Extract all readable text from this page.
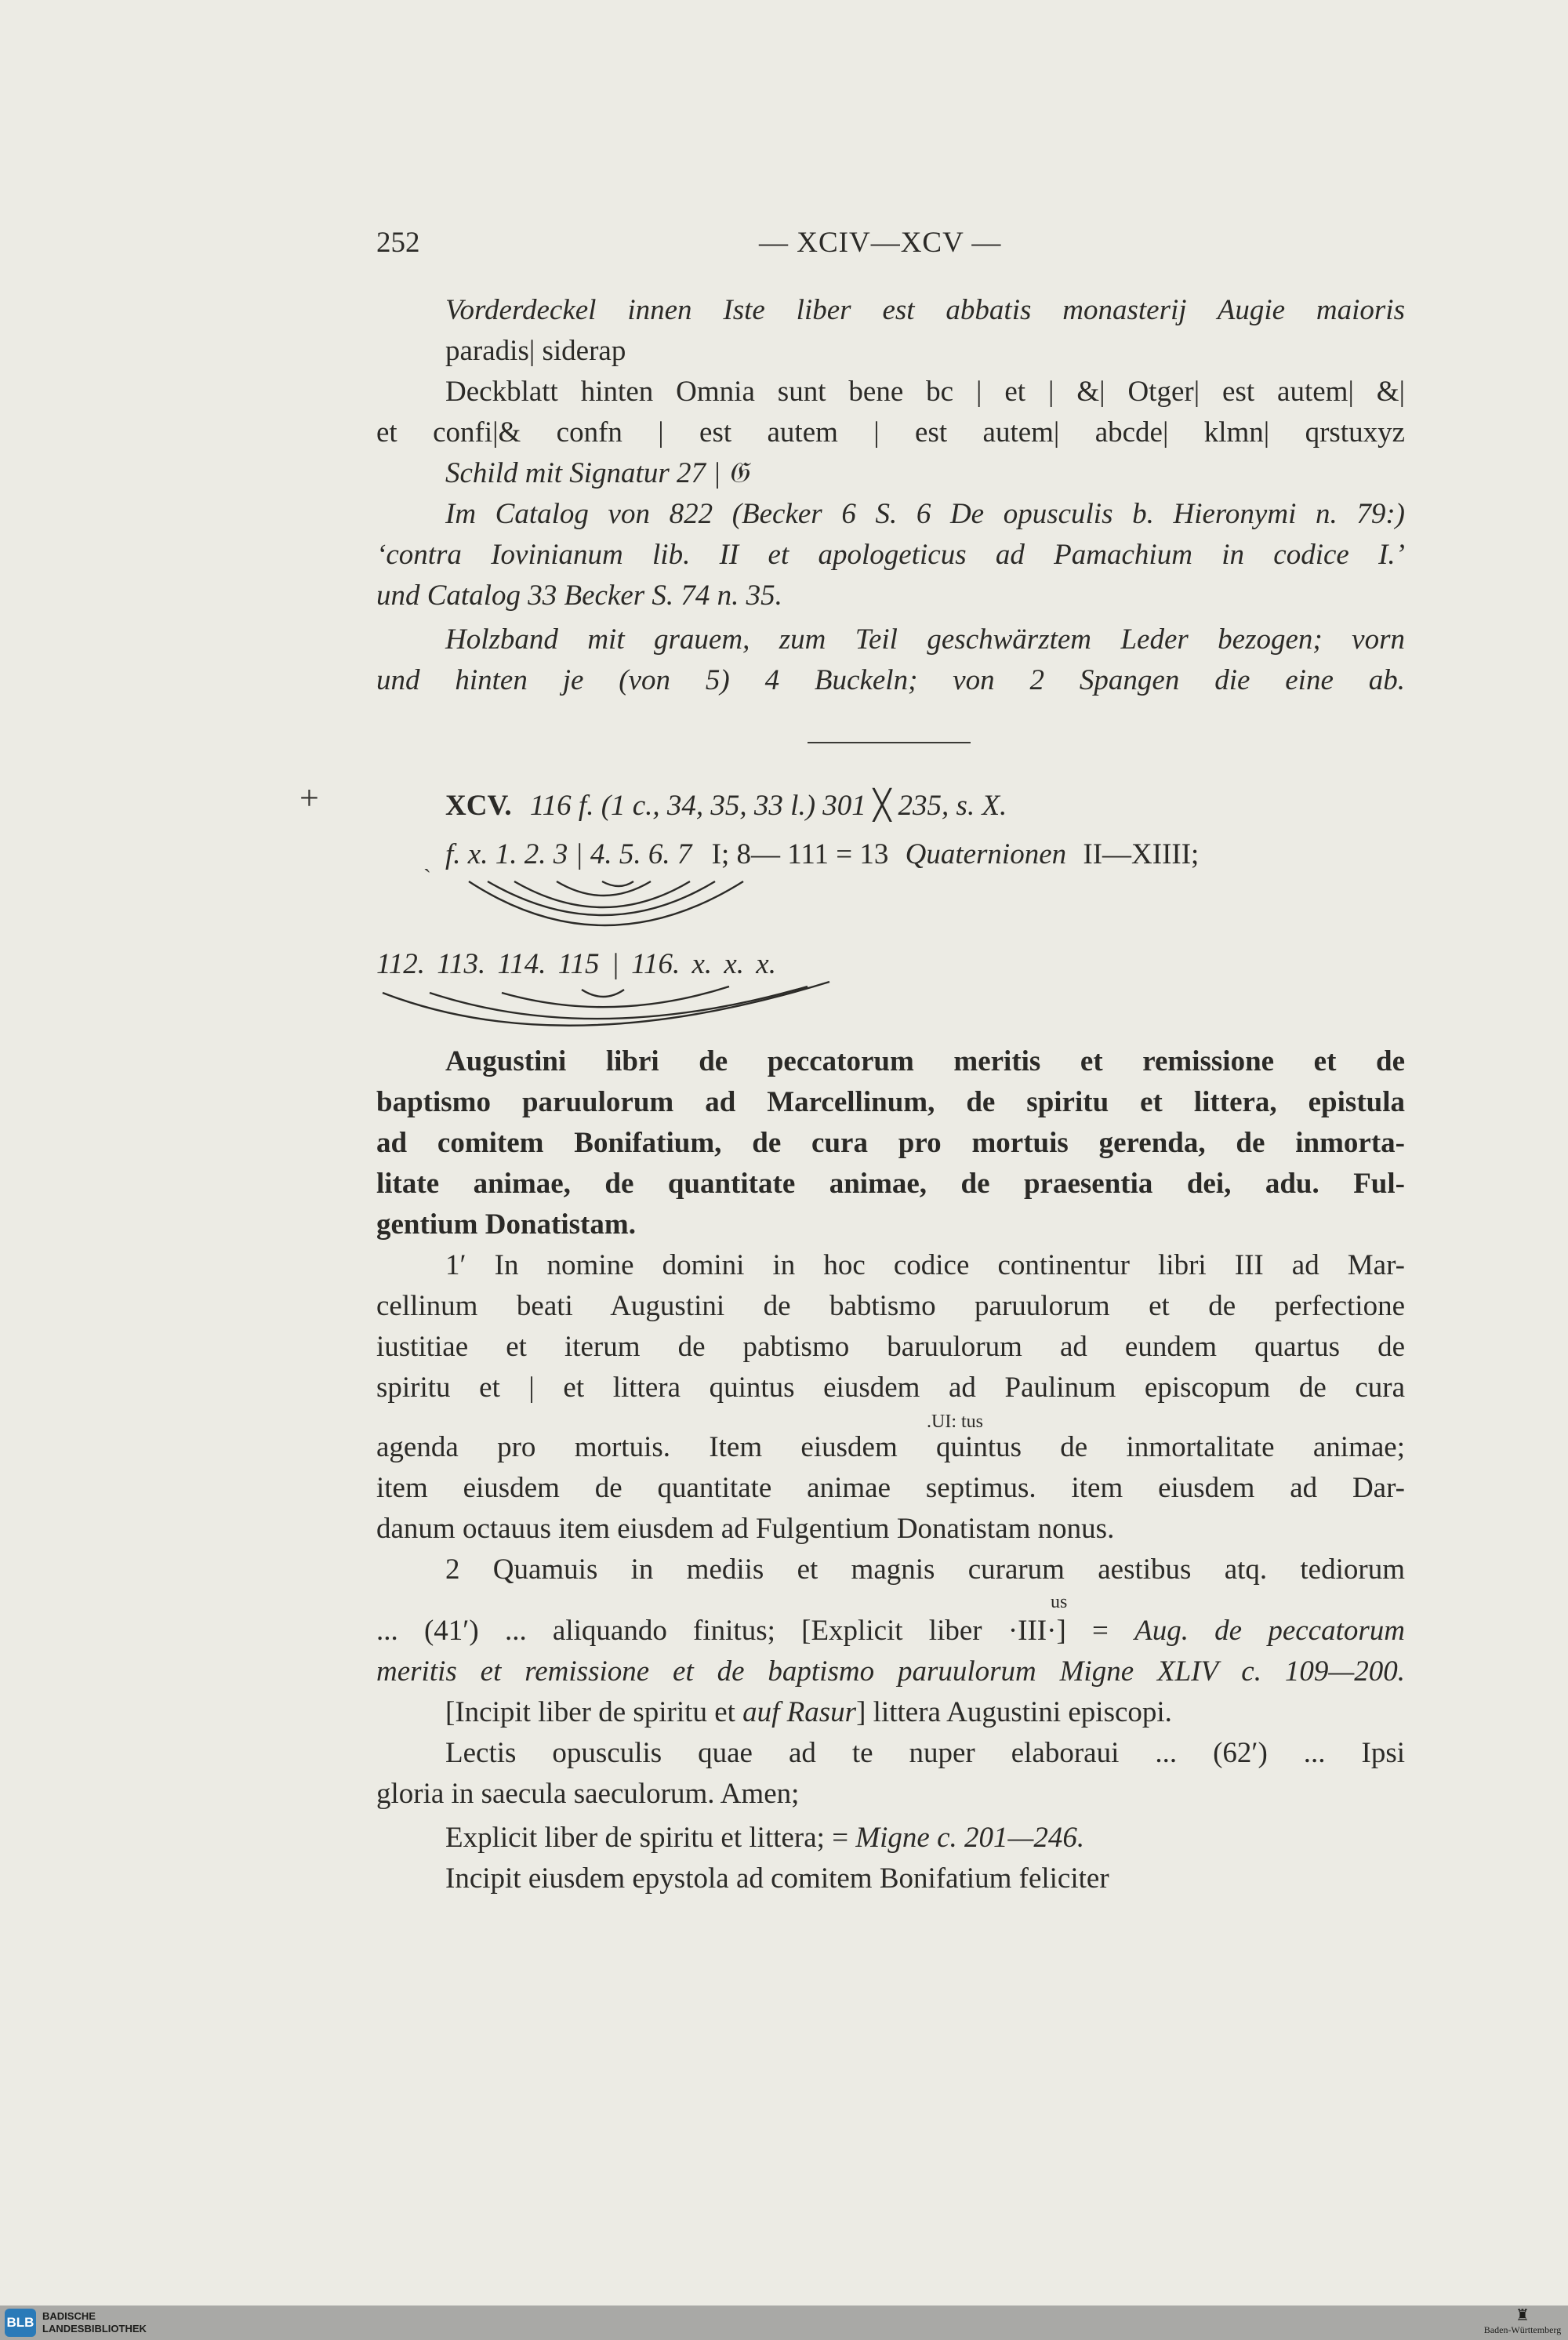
252	— XCIV—XCV —
Vorderdeckel innen Iste liber est abbatis monasterij Augie maioris
paradis| siderap
Deckblatt hinten Omnia sunt bene bc | et | &| Otger| est autem| &|
et confi|& confn | est autem | est autem| abcde| klmn| qrstuxyz
Schild mit Signatur 27 | 𝔊
Im Catalog von 822 (Becker 6 S. 6 De opusculis b. Hieronymi n. 79:)
‘contra Iovinianum lib. II et apologeticus ad Pamachium in codice I.’
und Catalog 33 Becker S. 74 n. 35.
Holzband mit grauem, zum Teil geschwärztem Leder bezogen; vorn
und hinten je (von 5) 4 Buckeln; von 2 Spangen die eine ab.
+
ˎ
XCV. 116 f. (1 c., 34, 35, 33 l.) 301 ╳ 235, s. X.
f. x. 1. 2. 3 | 4. 5. 6. 7 I; 8— 111 = 13 Quaternionen II—XIIII;
112. 113. 114. 115 | 116. x. x. x.
Augustini libri de peccatorum meritis et remissione et de
baptismo paruulorum ad Marcellinum, de spiritu et littera, epistula
ad comitem Bonifatium, de cura pro mortuis gerenda, de inmorta-
litate animae, de quantitate animae, de praesentia dei, adu. Ful-
gentium Donatistam.
1′ In nomine domini in hoc codice continentur libri III ad Mar-
cellinum beati Augustini de babtismo paruulorum et de perfectione
iustitiae et iterum de pabtismo baruulorum ad eundem quartus de
spiritu et | et littera quintus eiusdem ad Paulinum episcopum de cura
.UI: tus
agenda pro mortuis. Item eiusdem quintus de inmortalitate animae;
item eiusdem de quantitate animae septimus. item eiusdem ad Dar-
danum octauus item eiusdem ad Fulgentium Donatistam nonus.
2 Quamuis in mediis et magnis curarum aestibus atq. tediorum
us
... (41′) ... aliquando finitus; [Explicit liber ·III·] = Aug. de peccatorum
meritis et remissione et de baptismo paruulorum Migne XLIV c. 109—200.
[Incipit liber de spiritu et auf Rasur] littera Augustini episcopi.
Lectis opusculis quae ad te nuper elaboraui ... (62′) ... Ipsi
gloria in saecula saeculorum. Amen;
Explicit liber de spiritu et littera; = Migne c. 201—246.
Incipit eiusdem epystola ad comitem Bonifatium feliciter
BLB BADISCHE
LANDESBIBLIOTHEK
♜
Baden-Württemberg
